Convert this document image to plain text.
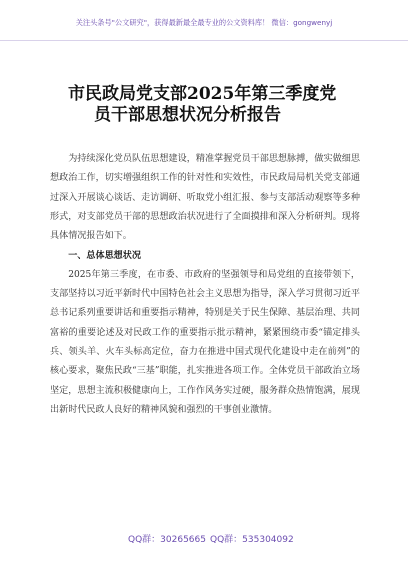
关注头条号"公文研究"，获得最新最全最专业的公文资料库！ 微信：gongwenyj
市民政局党支部2025年第三季度党
员干部思想状况分析报告

为持续深化党员队伍思想建设，精准掌握党员干部思想脉搏，做实做细思想政治工作，切实增强组织工作的针对性和实效性，市民政局局机关党支部通过深入开展谈心谈话、走访调研、听取党小组汇报、参与支部活动观察等多种形式，对支部党员干部的思想政治状况进行了全面摸排和深入分析研判。现将具体情况报告如下。

一、总体思想状况

2025年第三季度，在市委、市政府的坚强领导和局党组的直接带领下，支部坚持以习近平新时代中国特色社会主义思想为指导，深入学习贯彻习近平总书记系列重要讲话和重要指示精神，特别是关于民生保障、基层治理、共同富裕的重要论述及对民政工作的重要指示批示精神，紧紧围绕市委“锚定排头兵、领头羊、火车头标高定位，奋力在推进中国式现代化建设中走在前列”的核心要求，聚焦民政“三基”职能，扎实推进各项工作。全体党员干部政治立场坚定，思想主流积极健康向上，工作作风务实过硬，服务群众热情饱满，展现出新时代民政人良好的精神风貌和强烈的干事创业激情。

QQ群：30265665 QQ群：535304092
